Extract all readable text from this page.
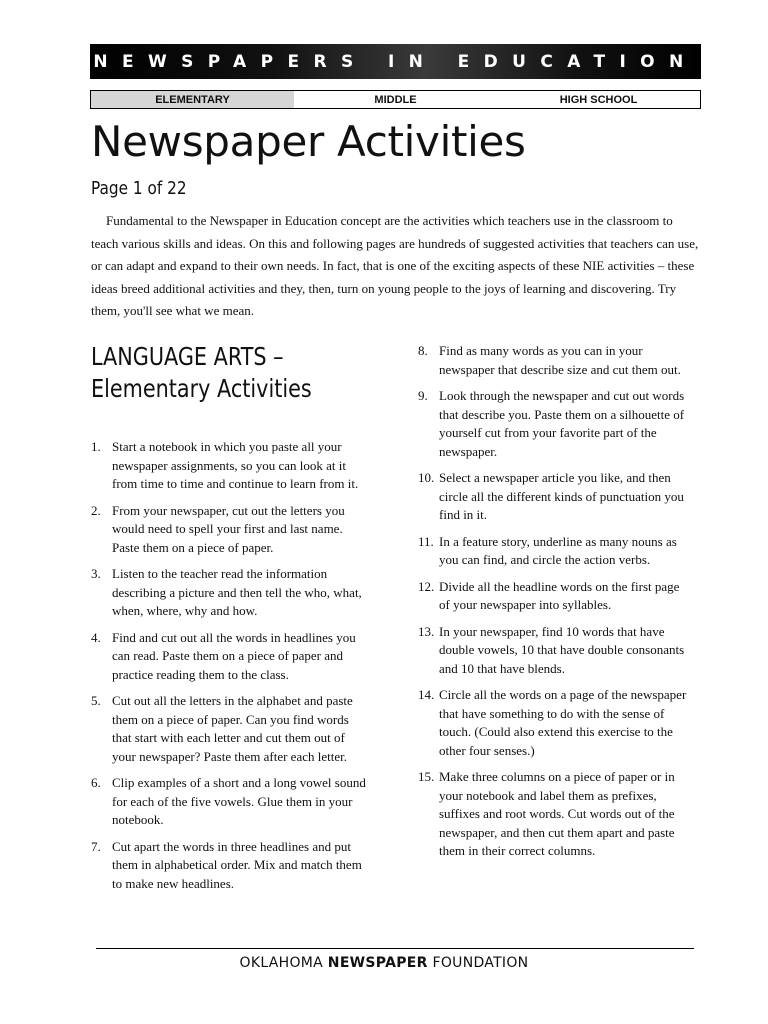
NEWSPAPERS IN EDUCATION
ELEMENTARY	MIDDLE	HIGH SCHOOL
Newspaper Activities
Page 1 of 22

Fundamental to the Newspaper in Education concept are the activities which teachers use in the classroom to teach various skills and ideas. On this and following pages are hundreds of suggested activities that teachers can use, or can adapt and expand to their own needs. In fact, that is one of the exciting aspects of these NIE activities – these ideas breed additional activities and they, then, turn on young people to the joys of learning and discovering. Try them, you'll see what we mean.

LANGUAGE ARTS –
Elementary Activities
1. Start a notebook in which you paste all your newspaper assignments, so you can look at it from time to time and continue to learn from it.
2. From your newspaper, cut out the letters you would need to spell your first and last name. Paste them on a piece of paper.
3. Listen to the teacher read the information describing a picture and then tell the who, what, when, where, why and how.
4. Find and cut out all the words in headlines you can read. Paste them on a piece of paper and practice reading them to the class.
5. Cut out all the letters in the alphabet and paste them on a piece of paper. Can you find words that start with each letter and cut them out of your newspaper? Paste them after each letter.
6. Clip examples of a short and a long vowel sound for each of the five vowels. Glue them in your notebook.
7. Cut apart the words in three headlines and put them in alphabetical order. Mix and match them to make new headlines.
8. Find as many words as you can in your newspaper that describe size and cut them out.
9. Look through the newspaper and cut out words that describe you. Paste them on a silhouette of yourself cut from your favorite part of the newspaper.
10. Select a newspaper article you like, and then circle all the different kinds of punctuation you find in it.
11. In a feature story, underline as many nouns as you can find, and circle the action verbs.
12. Divide all the headline words on the first page of your newspaper into syllables.
13. In your newspaper, find 10 words that have double vowels, 10 that have double consonants and 10 that have blends.
14. Circle all the words on a page of the newspaper that have something to do with the sense of touch. (Could also extend this exercise to the other four senses.)
15. Make three columns on a piece of paper or in your notebook and label them as prefixes, suffixes and root words. Cut words out of the newspaper, and then cut them apart and paste them in their correct columns.
OKLAHOMA NEWSPAPER FOUNDATION
